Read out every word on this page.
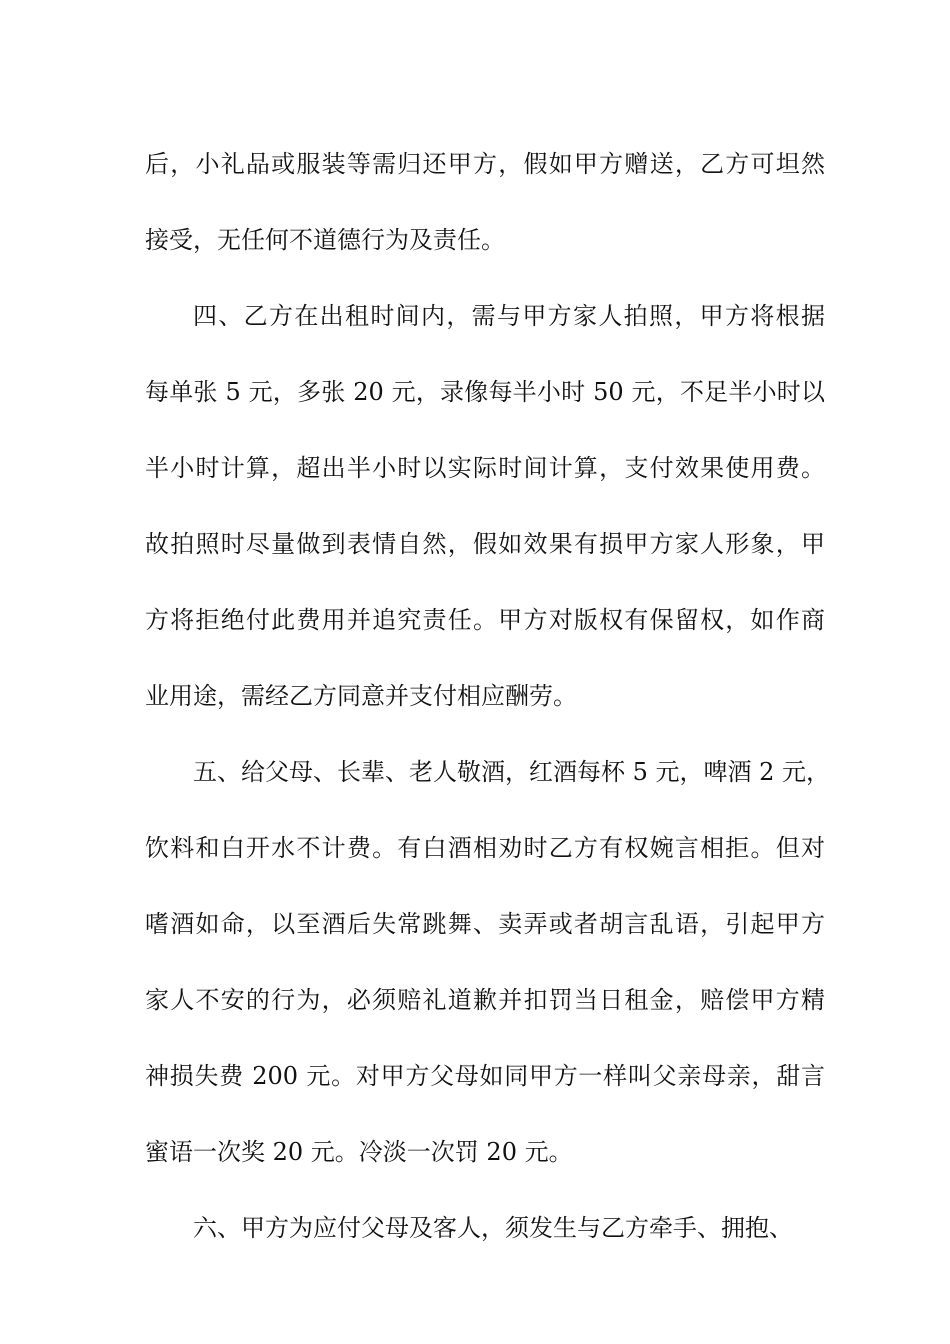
后，小礼品或服装等需归还甲方，假如甲方赠送，乙方可坦然
接受，无任何不道德行为及责任。
四、乙方在出租时间内，需与甲方家人拍照，甲方将根据
每单张 5 元，多张 20 元，录像每半小时 50 元，不足半小时以
半小时计算，超出半小时以实际时间计算，支付效果使用费。
故拍照时尽量做到表情自然，假如效果有损甲方家人形象，甲
方将拒绝付此费用并追究责任。甲方对版权有保留权，如作商
业用途，需经乙方同意并支付相应酬劳。
五、给父母、长辈、老人敬酒，红酒每杯 5 元，啤酒 2 元，
饮料和白开水不计费。有白酒相劝时乙方有权婉言相拒。但对
嗜酒如命，以至酒后失常跳舞、卖弄或者胡言乱语，引起甲方
家人不安的行为，必须赔礼道歉并扣罚当日租金，赔偿甲方精
神损失费 200 元。对甲方父母如同甲方一样叫父亲母亲，甜言
蜜语一次奖 20 元。冷淡一次罚 20 元。
六、甲方为应付父母及客人，须发生与乙方牵手、拥抱、
